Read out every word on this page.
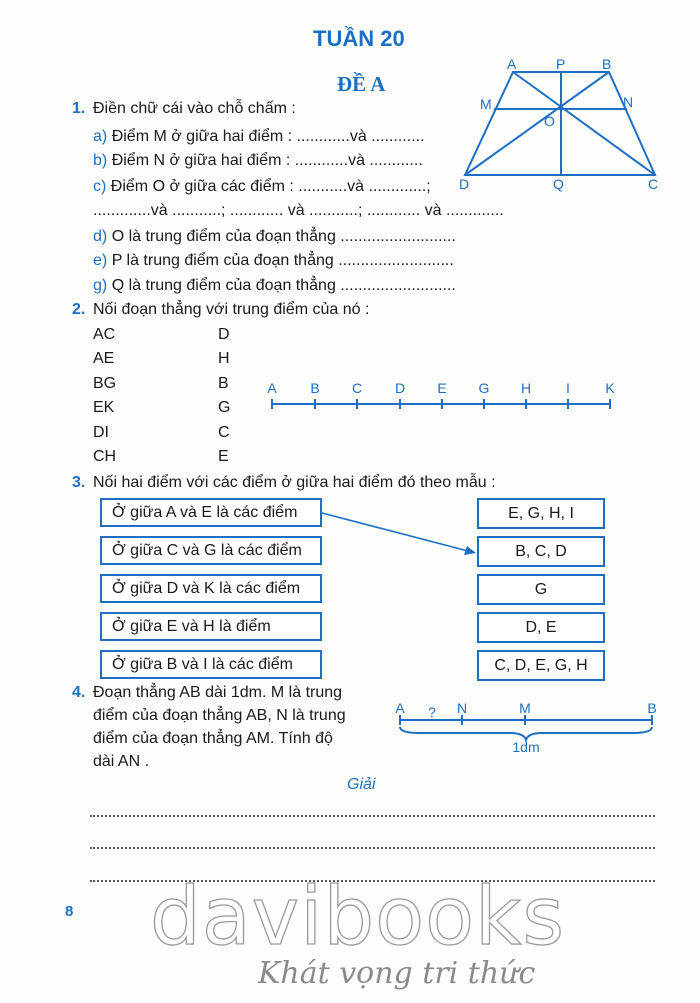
TUẦN 20
ĐỀ A
A	P	B
M	N
O
D	Q	C
1. Điền chữ cái vào chỗ chấm :
a) Điểm M ở giữa hai điểm : ............và ............
b) Điểm N ở giữa hai điểm : ............và ............
c) Điểm O ở giữa các điểm : ...........và .............;
.............và ...........; ............ và ...........; ............ và .............
d) O là trung điểm của đoạn thẳng ..........................
e) P là trung điểm của đoạn thẳng ..........................
g) Q là trung điểm của đoạn thẳng ..........................
2. Nối đoạn thẳng với trung điểm của nó :
AC
AE
BG
EK
DI
CH
D
H
B
G
C
E
A B C D E G H I	K
3. Nối hai điểm với các điểm ở giữa hai điểm đó theo mẫu :
Ở giữa A và E là các điểm
Ở giữa C và G là các điểm
Ở giữa D và K là các điểm
Ở giữa E và H là điểm
Ở giữa B và I là các điểm
E, G, H, I
B, C, D
G
D, E
C, D, E, G, H
4. Đoạn thẳng AB dài 1dm. M là trung
điểm của đoạn thẳng AB, N là trung
điểm của đoạn thẳng AM. Tính độ
dài AN .
A ? N	M	B
1dm
Giải
8 davibooks
Khát vọng tri thức
